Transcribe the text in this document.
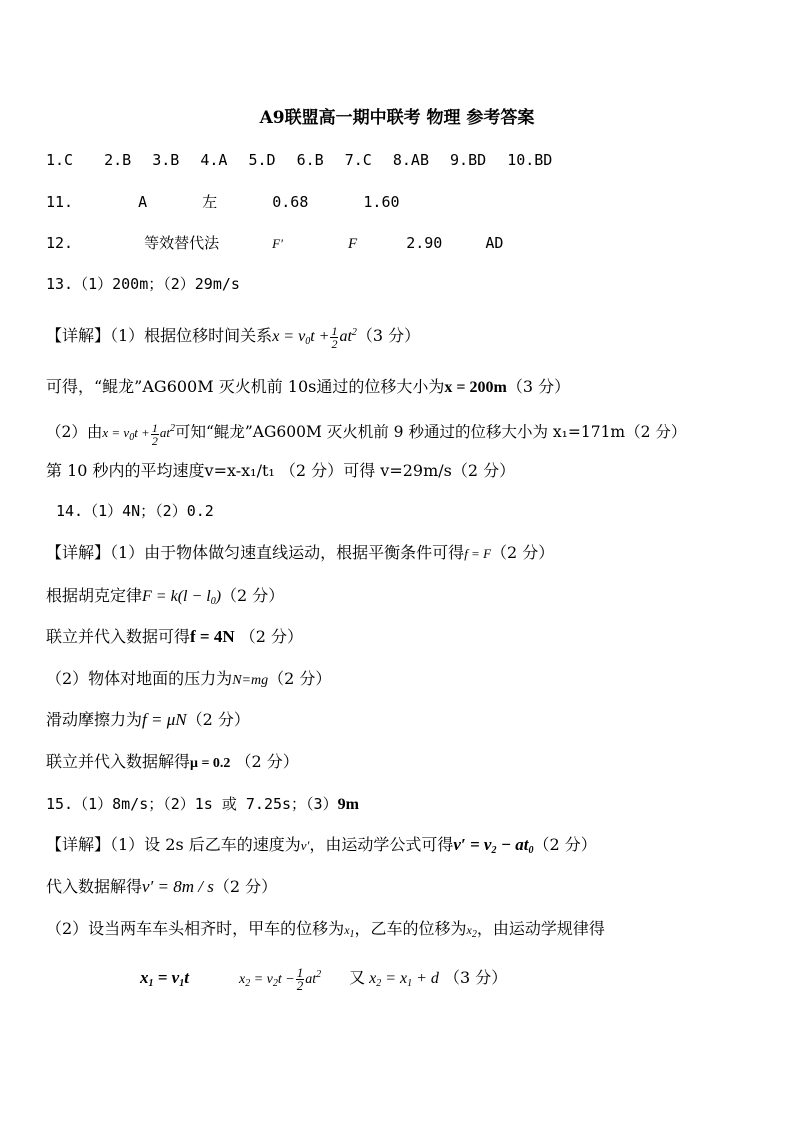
A9联盟高一期中联考 物理 参考答案
1.C 2.B 3.B 4.A 5.D 6.B 7.C 8.AB 9.BD 10.BD
11.	A	左	0.68	1.60
12.	等效替代法	F′	F	2.90	AD
13.（1）200m；（2）29m/s
【详解】（1）根据位移时间关系$x = v_0t + \frac{1}{2} at^2(3$ 分）
可得，“鲲龙”AG600M 灭火机前 10s通过的位移大小为x = 200m（3 分）
（2）由$x = v_0t + \frac{1}{2} at^2$可知“鲲龙”AG600M 灭火机前 9 秒通过的位移大小为 x₁=171m（2 分）
第 10 秒内的平均速度v=x-x₁/t₁ （2 分）可得 v=29m/s（2 分）
14.（1）4N；（2）0.2
【详解】（1）由于物体做匀速直线运动，根据平衡条件可得f = F（2 分）
根据胡克定律$F = k(l - l_0)(2$ 分）
联立并代入数据可得f = 4N （2 分）
（2）物体对地面的压力为N=mg（2 分）
滑动摩擦力为f = μN（2 分）
联立并代入数据解得μ = 0.2 （2 分）
15.（1）8m/s；（2）1s 或 7.25s；（3）9m
【详解】（1）设 2s 后乙车的速度为v′，由运动学公式可得$v' = v_2 - at_0(2$ 分）
代入数据解得v′ = 8m / s（2 分）
（2）设当两车车头相齐时，甲车的位移为$x_1$，乙车的位移为$x_2$，由运动学规律得
$x_1 = v_1t$	$x_2 = v_2t - \frac{1}{2} at^2$ 又 $x_2 = x_1 + d$ （3 分）
